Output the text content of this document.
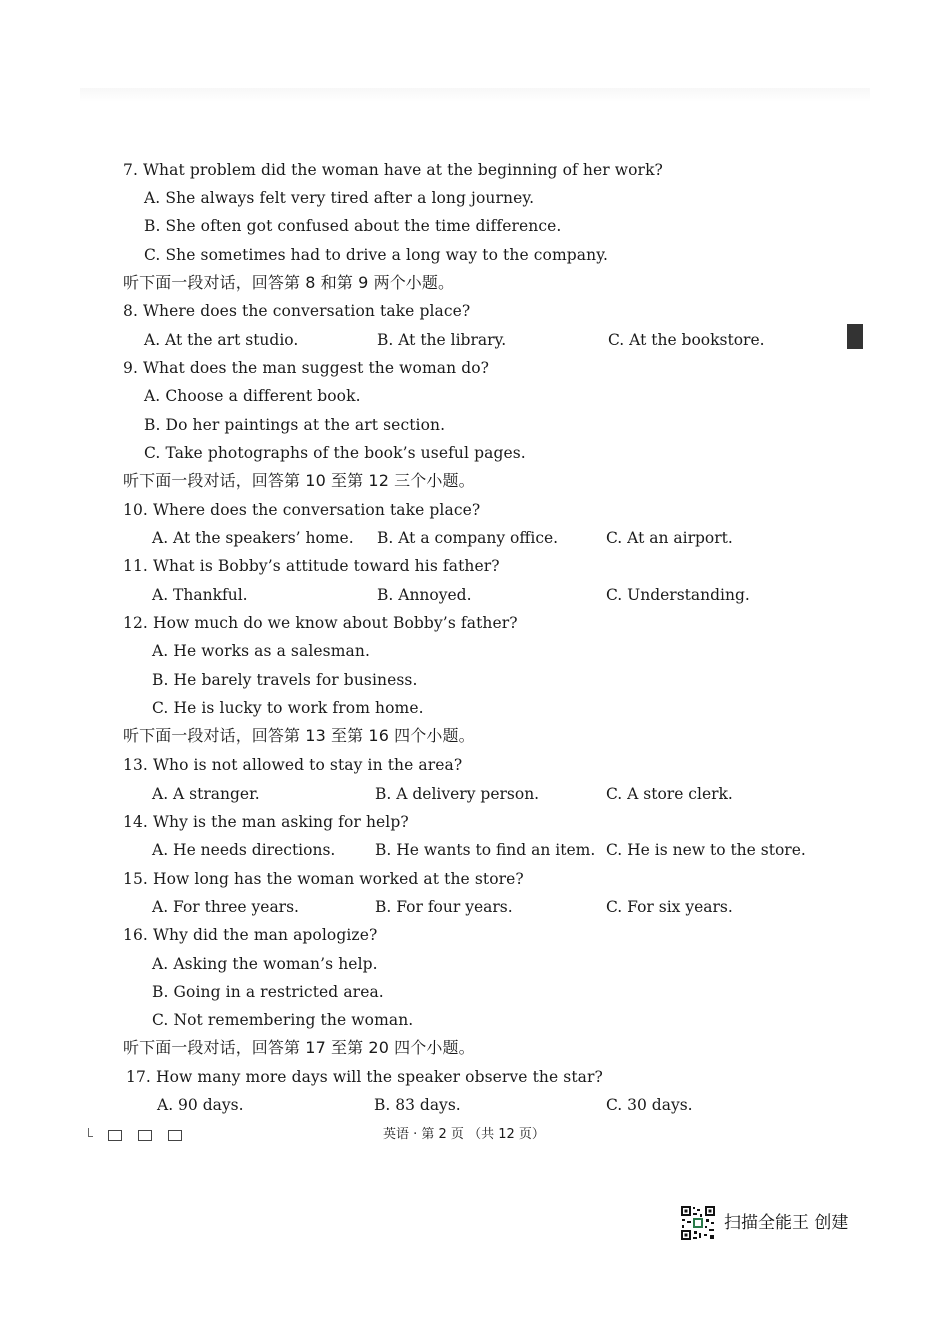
7. What problem did the woman have at the beginning of her work?
A. She always felt very tired after a long journey.
B. She often got confused about the time difference.
C. She sometimes had to drive a long way to the company.
听下面一段对话，回答第 8 和第 9 两个小题。
8. Where does the conversation take place?
A. At the art studio.	B. At the library.	C. At the bookstore.
9. What does the man suggest the woman do?
A. Choose a different book.
B. Do her paintings at the art section.
C. Take photographs of the book’s useful pages.
听下面一段对话，回答第 10 至第 12 三个小题。
10. Where does the conversation take place?
A. At the speakers’ home. B. At a company office.	C. At an airport.
11. What is Bobby’s attitude toward his father?
A. Thankful.	B. Annoyed.	C. Understanding.
12. How much do we know about Bobby’s father?
A. He works as a salesman.
B. He barely travels for business.
C. He is lucky to work from home.
听下面一段对话，回答第 13 至第 16 四个小题。
13. Who is not allowed to stay in the area?
A. A stranger.	B. A delivery person.	C. A store clerk.
14. Why is the man asking for help?
A. He needs directions.	B. He wants to find an item. C. He is new to the store.
15. How long has the woman worked at the store?
A. For three years.	B. For four years.	C. For six years.
16. Why did the man apologize?
A. Asking the woman’s help.
B. Going in a restricted area.
C. Not remembering the woman.
听下面一段对话，回答第 17 至第 20 四个小题。
17. How many more days will the speaker observe the star?
A. 90 days.	B. 83 days.	C. 30 days.
英语 · 第 2 页 （共 12 页）
扫描全能王 创建
